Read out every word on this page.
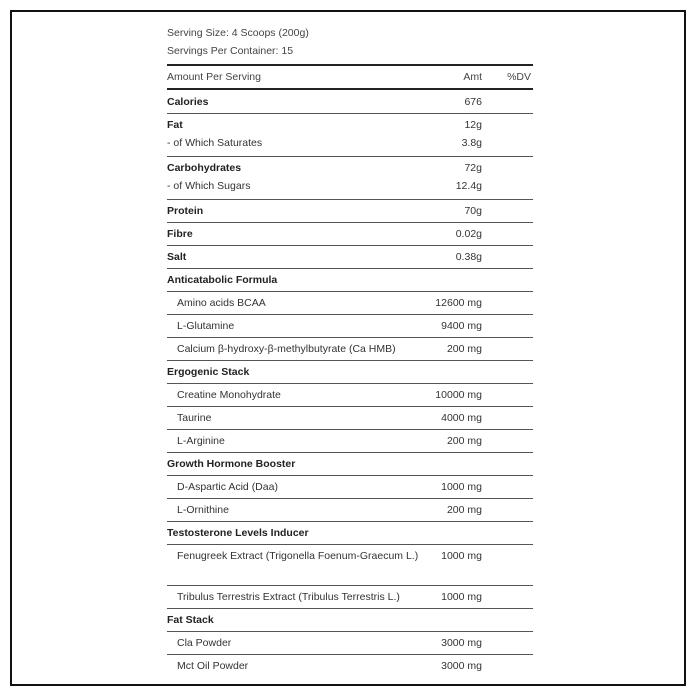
Serving Size: 4 Scoops (200g)
Servings Per Container: 15
Amount Per Serving	Amt %DV
Calories	676
Fat	12g
- of Which Saturates	3.8g
Carbohydrates	72g
- of Which Sugars	12.4g
Protein	70g
Fibre	0.02g
Salt	0.38g
Anticatabolic Formula
Amino acids BCAA	12600 mg
L-Glutamine	9400 mg
Calcium β-hydroxy-β-methylbutyrate (Ca HMB)	200 mg
Ergogenic Stack
Creatine Monohydrate	10000 mg
Taurine	4000 mg
L-Arginine	200 mg
Growth Hormone Booster
D-Aspartic Acid (Daa)	1000 mg
L-Ornithine	200 mg
Testosterone Levels Inducer
Fenugreek Extract (Trigonella Foenum-Graecum L.)	1000 mg
Tribulus Terrestris Extract (Tribulus Terrestris L.)	1000 mg
Fat Stack
Cla Powder	3000 mg
Mct Oil Powder	3000 mg
